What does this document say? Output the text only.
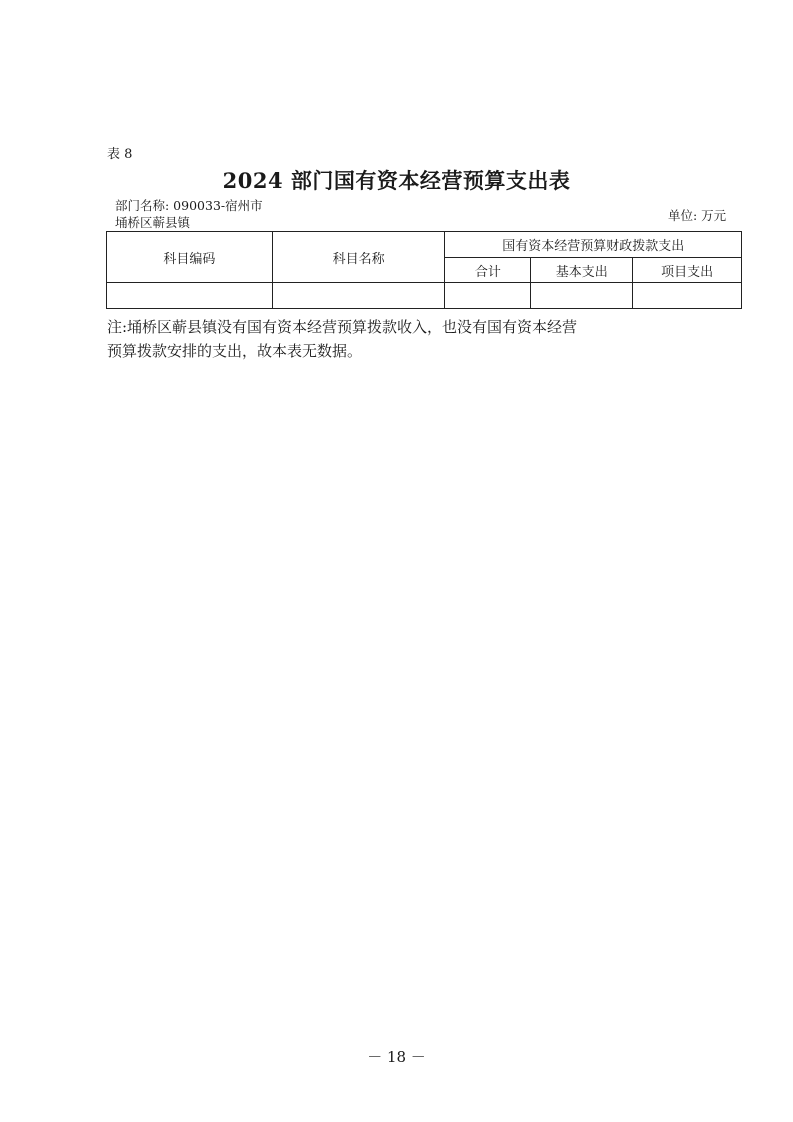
表 8
2024 部门国有资本经营预算支出表
部门名称: 090033-宿州市
埇桥区蕲县镇	单位: 万元
科目编码	科目名称	国有资本经营预算财政拨款支出		
		合计	基本支出	项目支出

注:埇桥区蕲县镇没有国有资本经营预算拨款收入，也没有国有资本经营
预算拨款安排的支出，故本表无数据。
－ 18 －
